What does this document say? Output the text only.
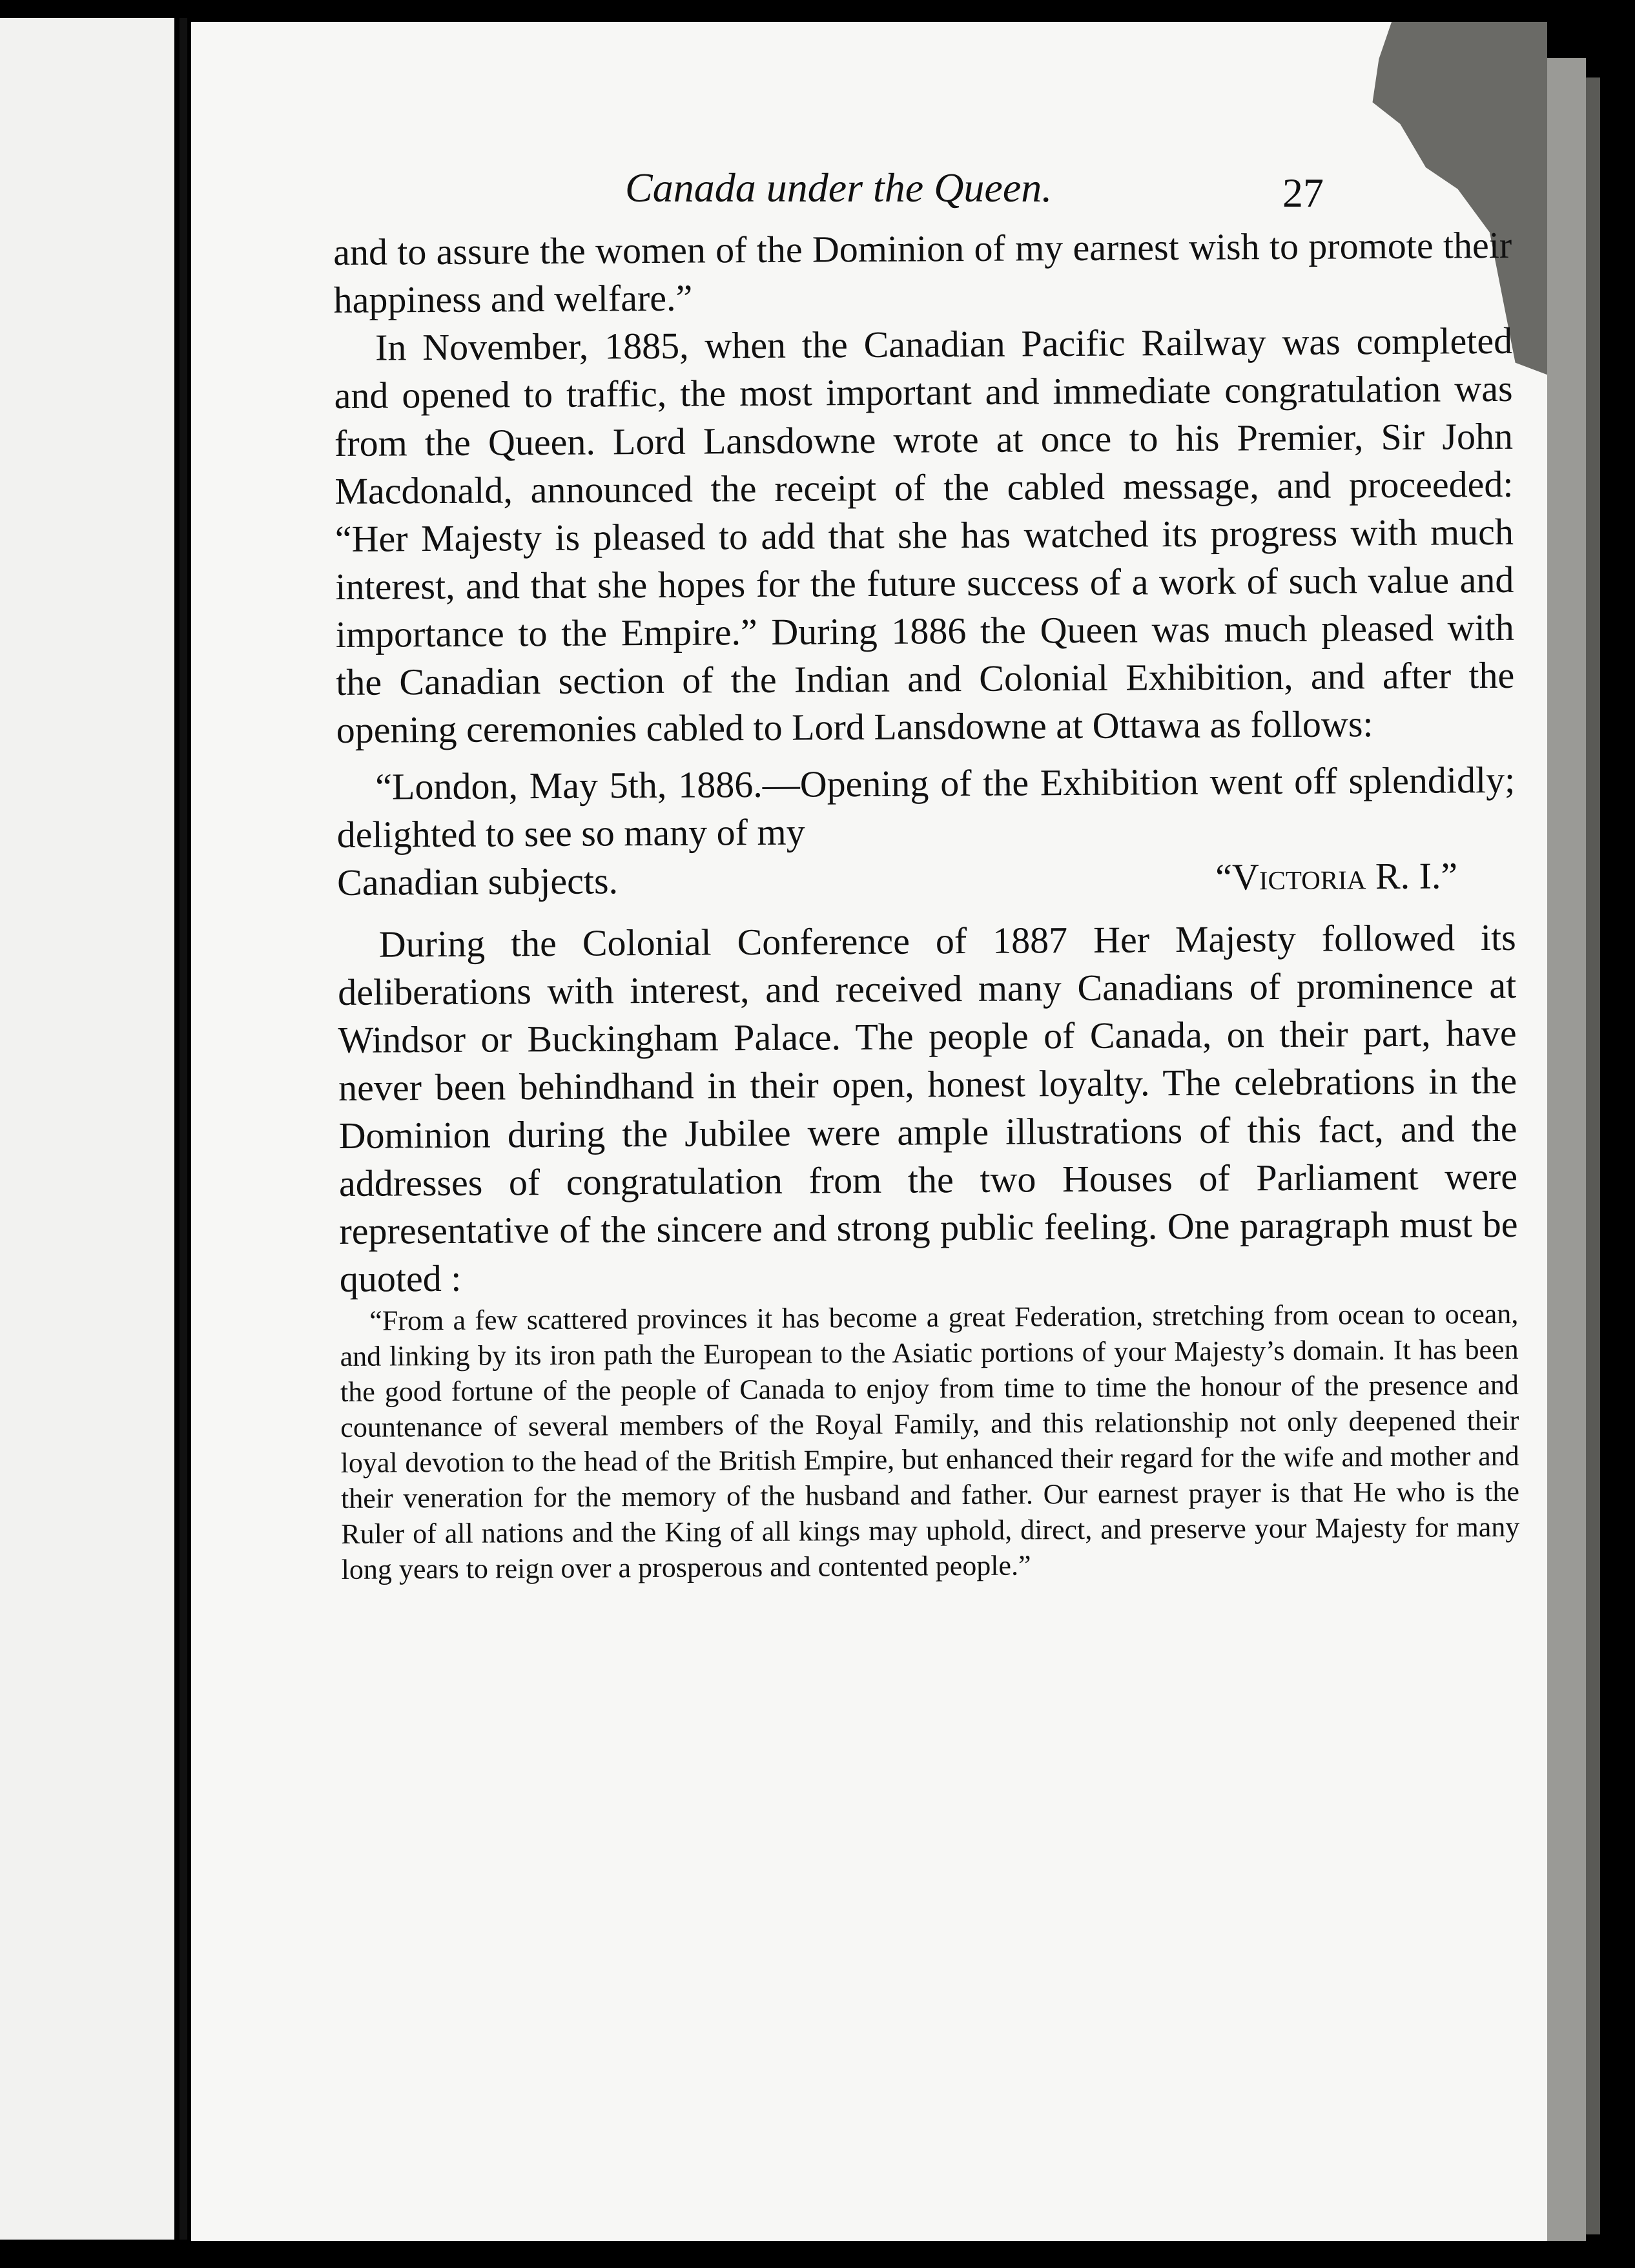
Canada under the Queen.	27

and to assure the women of the Dominion of my earnest wish to promote their happiness and welfare.”

In November, 1885, when the Canadian Pacific Railway was completed and opened to traffic, the most important and immediate congratulation was from the Queen. Lord Lansdowne wrote at once to his Premier, Sir John Macdonald, announced the receipt of the cabled message, and proceeded: “Her Majesty is pleased to add that she has watched its progress with much interest, and that she hopes for the future success of a work of such value and importance to the Empire.” During 1886 the Queen was much pleased with the Canadian section of the Indian and Colonial Exhibition, and after the opening ceremonies cabled to Lord Lansdowne at Ottawa as follows:

“London, May 5th, 1886.—Opening of the Exhibition went off splendidly; delighted to see so many of my
Canadian subjects.	“Victoria R. I.”

During the Colonial Conference of 1887 Her Majesty followed its deliberations with interest, and received many Canadians of prominence at Windsor or Buckingham Palace. The people of Canada, on their part, have never been behindhand in their open, honest loyalty. The celebrations in the Dominion during the Jubilee were ample illustrations of this fact, and the addresses of congratulation from the two Houses of Parliament were representative of the sincere and strong public feeling. One paragraph must be quoted :

“From a few scattered provinces it has become a great Federation, stretching from ocean to ocean, and linking by its iron path the European to the Asiatic portions of your Majesty’s domain. It has been the good fortune of the people of Canada to enjoy from time to time the honour of the presence and countenance of several members of the Royal Family, and this relationship not only deepened their loyal devotion to the head of the British Empire, but enhanced their regard for the wife and mother and their veneration for the memory of the husband and father. Our earnest prayer is that He who is the Ruler of all nations and the King of all kings may uphold, direct, and preserve your Majesty for many long years to reign over a prosperous and contented people.”
